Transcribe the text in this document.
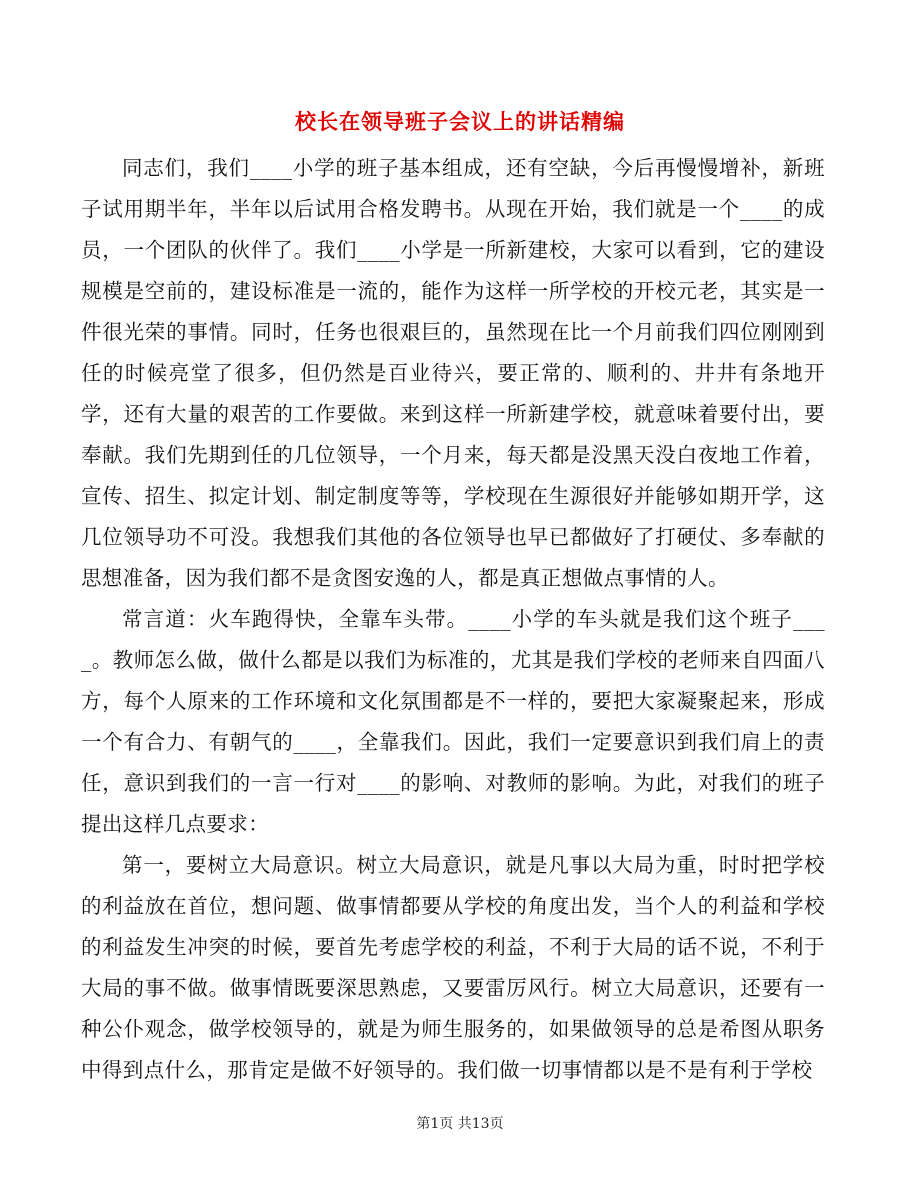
校长在领导班子会议上的讲话精编

同志们，我们____小学的班子基本组成，还有空缺，今后再慢慢增补，新班子试用期半年，半年以后试用合格发聘书。从现在开始，我们就是一个____的成员，一个团队的伙伴了。我们____小学是一所新建校，大家可以看到，它的建设规模是空前的，建设标准是一流的，能作为这样一所学校的开校元老，其实是一件很光荣的事情。同时，任务也很艰巨的，虽然现在比一个月前我们四位刚刚到任的时候亮堂了很多，但仍然是百业待兴，要正常的、顺利的、井井有条地开学，还有大量的艰苦的工作要做。来到这样一所新建学校，就意味着要付出，要奉献。我们先期到任的几位领导，一个月来，每天都是没黑天没白夜地工作着，宣传、招生、拟定计划、制定制度等等，学校现在生源很好并能够如期开学，这几位领导功不可没。我想我们其他的各位领导也早已都做好了打硬仗、多奉献的思想准备，因为我们都不是贪图安逸的人，都是真正想做点事情的人。

常言道：火车跑得快，全靠车头带。____小学的车头就是我们这个班子____。教师怎么做，做什么都是以我们为标准的，尤其是我们学校的老师来自四面八方，每个人原来的工作环境和文化氛围都是不一样的，要把大家凝聚起来，形成一个有合力、有朝气的____，全靠我们。因此，我们一定要意识到我们肩上的责任，意识到我们的一言一行对____的影响、对教师的影响。为此，对我们的班子提出这样几点要求：

第一，要树立大局意识。树立大局意识，就是凡事以大局为重，时时把学校的利益放在首位，想问题、做事情都要从学校的角度出发，当个人的利益和学校的利益发生冲突的时候，要首先考虑学校的利益，不利于大局的话不说，不利于大局的事不做。做事情既要深思熟虑，又要雷厉风行。树立大局意识，还要有一种公仆观念，做学校领导的，就是为师生服务的，如果做领导的总是希图从职务中得到点什么，那肯定是做不好领导的。我们做一切事情都以是不是有利于学校

第1页 共13页
